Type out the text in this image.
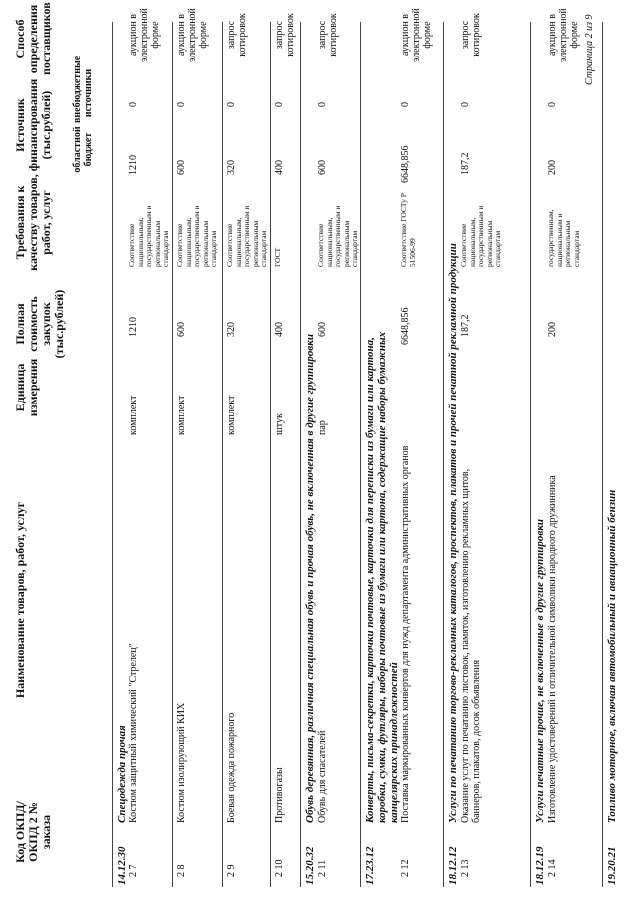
Код ОКПД/ ОКПД 2 № заказа
Наименование товаров, работ, услуг
Единица измерения
Полная стоимость закупок (тыс.рублей)
Требования к качеству товаров, работ, услуг
Источник финансирования (тыс.рублей) областной бюджет
внебюджетные источники
Способ определения поставщиков
14.12.30
Спецодежда прочая
2 7
Костюм защитный химический "Стрелец"
комплект
1210
Соответствие национальным, государственным и региональным стандартам
1210
0
аукцион в электронной форме
2 8
Костюм изолирующий КИХ
комплект
600
Соответствие национальным, государственным и региональным стандартам
600
0
аукцион в электронной форме
2 9
Боевая одежда пожарного
комплект
320
Соответствие национальным, государственным и региональным стандартам
320
0
запрос котировок
2 10
Противогазы
штук
400
ГОСТ
400
0
запрос котировок
15.20.32
Обувь деревянная, различная специальная обувь и прочая обувь, не включенная в другие группировки
2 11
Обувь для спасателей
пар
600
Соответствие национальным, государственным и региональным стандартам
600
0
запрос котировок
17.23.12
Конверты, письма-секретки, карточки почтовые, карточки для переписки из бумаги или картона, коробки, сумки, футляры, наборы почтовые из бумаги или картона, содержащие наборы бумажных канцелярских принадлежностей
2 12
Поставка маркированных конвертов для нужд департамента административных органов
6648,856
Соответствие ГОСТу Р 51506-99
6648,856
0
аукцион в электронной форме
18.12.12
Услуги по печатанию торгово-рекламных каталогов, проспектов, плакатов и прочей печатной рекламной продукции
2 13
Оказание услуг по печатанию листовок, памяток, изготовлению рекламных щитов, баннеров, плакатов, досок объявления
187,2
Соответствие национальным, государственным и региональным стандартам
187,2
0
запрос котировок
18.12.19
Услуги печатные прочие, не включенные в другие группировки
2 14
Изготовление удостоверений и отличительной символики народного дружинника
200
государственным, национальным и региональным стандартам
200
0
аукцион в электронной форме Страница 2 из 9
19.20.21
Топливо моторное, включая автомобильный и авиационный бензин
